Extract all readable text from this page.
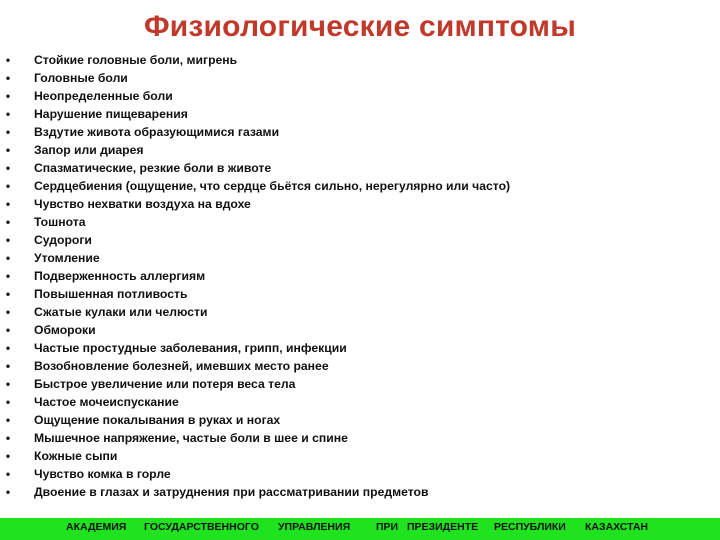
Физиологические симптомы
• Стойкие головные боли, мигрень
• Головные боли
• Неопределенные боли
• Нарушение пищеварения
• Вздутие живота образующимися газами
• Запор или диарея
• Спазматические, резкие боли в животе
• Сердцебиения (ощущение, что сердце бьётся сильно, нерегулярно или часто)
• Чувство нехватки воздуха на вдохе
• Тошнота
• Судороги
• Утомление
• Подверженность аллергиям
• Повышенная потливость
• Сжатые кулаки или челюсти
• Обмороки
• Частые простудные заболевания, грипп, инфекции
• Возобновление болезней, имевших место ранее
• Быстрое увеличение или потеря веса тела
• Частое мочеиспускание
• Ощущение покалывания в руках и ногах
• Мышечное напряжение, частые боли в шее и спине
• Кожные сыпи
• Чувство комка в горле
• Двоение в глазах и затруднения при рассматривании предметов
АКАДЕМИЯ ГОСУДАРСТВЕННОГО УПРАВЛЕНИЯ ПРИ ПРЕЗИДЕНТЕ РЕСПУБЛИКИ КАЗАХСТАН
